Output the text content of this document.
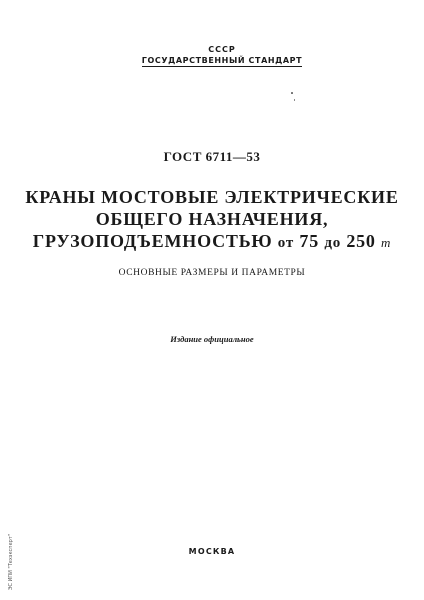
СССР
ГОСУДАРСТВЕННЫЙ СТАНДАРТ
ГОСТ 6711—53
КРАНЫ МОСТОВЫЕ ЭЛЕКТРИЧЕСКИЕ
ОБЩЕГО НАЗНАЧЕНИЯ,
ГРУЗОПОДЪЕМНОСТЬЮ от 75 до 250 т
ОСНОВНЫЕ РАЗМЕРЫ И ПАРАМЕТРЫ
Издание официальное
МОСКВА
ЭС ИПИ "Техэксперт"
